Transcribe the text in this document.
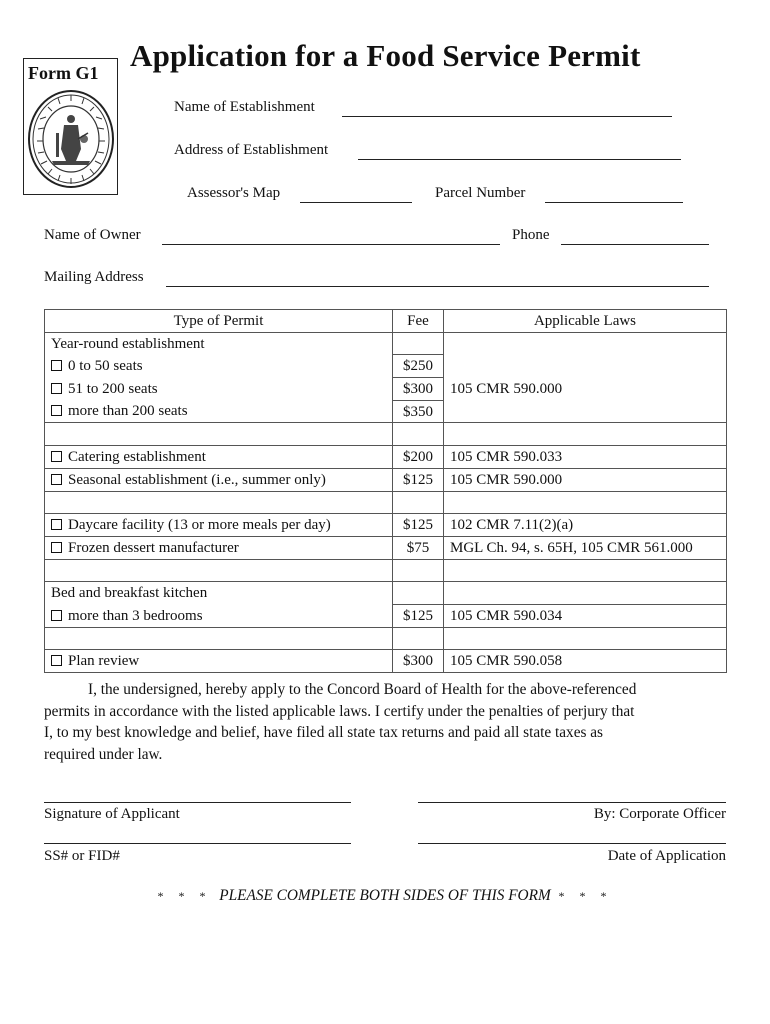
Form G1 Application for a Food Service Permit
Name of Establishment
Address of Establishment
Assessor's Map	Parcel Number
Name of Owner	Phone
Mailing Address
Type of Permit	Fee	Applicable Laws
Year-round establishment		
0 to 50 seats	$250	
51 to 200 seats	$300	105 CMR 590.000
more than 200 seats	$350	

Catering establishment	$200	105 CMR 590.033
Seasonal establishment (i.e., summer only)	$125	105 CMR 590.000

Daycare facility (13 or more meals per day)	$125	102 CMR 7.11(2)(a)
Frozen dessert manufacturer	$75	MGL Ch. 94, s. 65H, 105 CMR 561.000

Bed and breakfast kitchen		
more than 3 bedrooms	$125	105 CMR 590.034

Plan review	$300	105 CMR 590.058
I, the undersigned, hereby apply to the Concord Board of Health for the above-referenced
permits in accordance with the listed applicable laws. I certify under the penalties of perjury that
I, to my best knowledge and belief, have filed all state tax returns and paid all state taxes as
required under law.
Signature of Applicant	By: Corporate Officer
SS# or FID#	Date of Application
* * * PLEASE COMPLETE BOTH SIDES OF THIS FORM * * *
